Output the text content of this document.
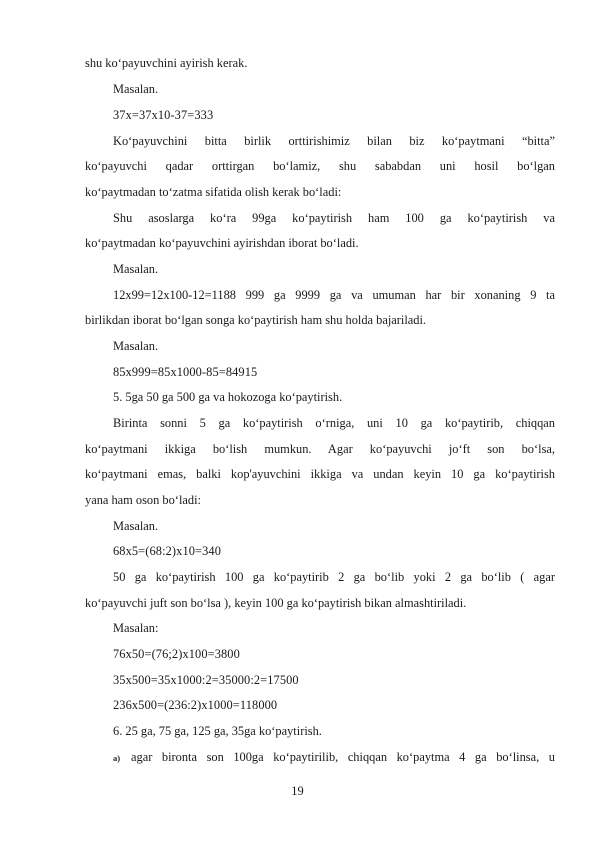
shu ko‘payuvchini ayirish kerak.
Masalan.
37x=37x10-37=333
Ko‘payuvchini bitta birlik orttirishimiz bilan biz ko‘paytmani “bitta”
ko‘payuvchi qadar orttirgan bo‘lamiz, shu sababdan uni hosil bo‘lgan
ko‘paytmadan to‘zatma sifatida olish kerak bo‘ladi:
Shu asoslarga ko‘ra 99ga ko‘paytirish ham 100 ga ko‘paytirish va
ko‘paytmadan ko‘payuvchini ayirishdan iborat bo‘ladi.
Masalan.
12x99=12x100-12=1188 999 ga 9999 ga va umuman har bir xonaning 9 ta
birlikdan iborat bo‘lgan songa ko‘paytirish ham shu holda bajariladi.
Masalan.
85x999=85x1000-85=84915
5. 5ga 50 ga 500 ga va hokozoga ko‘paytirish.
Birinta sonni 5 ga ko‘paytirish o‘rniga, uni 10 ga ko‘paytirib, chiqqan
ko‘paytmani ikkiga bo‘lish mumkun. Agar ko‘payuvchi jo‘ft son bo‘lsa,
ko‘paytmani emas, balki kop'ayuvchini ikkiga va undan keyin 10 ga ko‘paytirish
yana ham oson bo‘ladi:
Masalan.
68x5=(68:2)x10=340
50 ga ko‘paytirish 100 ga ko‘paytirib 2 ga bo‘lib yoki 2 ga bo‘lib ( agar
ko‘payuvchi juft son bo‘lsa ), keyin 100 ga ko‘paytirish bikan almashtiriladi.
Masalan:
76x50=(76;2)x100=3800
35x500=35x1000:2=35000:2=17500
236x500=(236:2)x1000=118000
6. 25 ga, 75 ga, 125 ga, 35ga ko‘paytirish.
a) agar bironta son 100ga ko‘paytirilib, chiqqan ko‘paytma 4 ga bo‘linsa, u
19
